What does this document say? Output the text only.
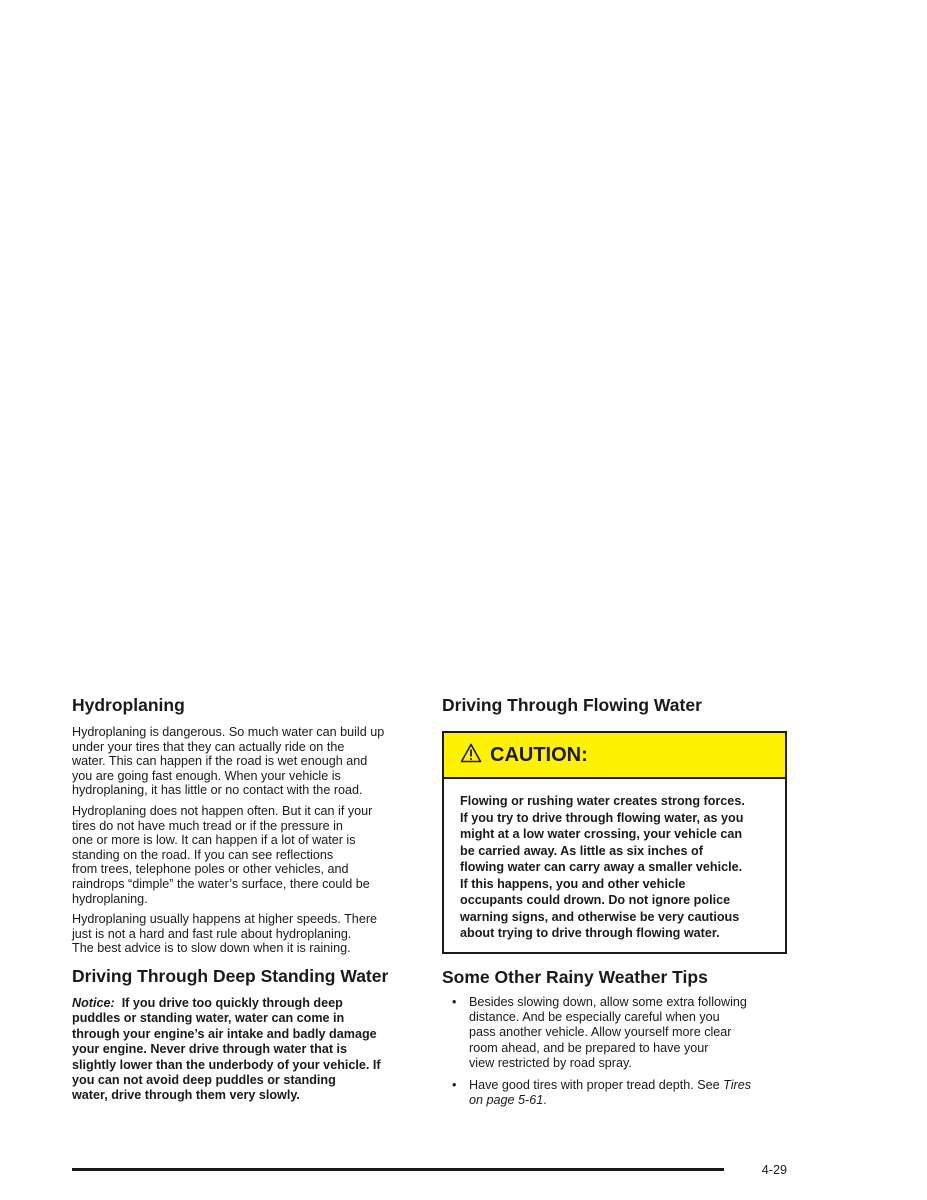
Hydroplaning

Hydroplaning is dangerous. So much water can build up
under your tires that they can actually ride on the
water. This can happen if the road is wet enough and
you are going fast enough. When your vehicle is
hydroplaning, it has little or no contact with the road.

Hydroplaning does not happen often. But it can if your
tires do not have much tread or if the pressure in
one or more is low. It can happen if a lot of water is
standing on the road. If you can see reflections
from trees, telephone poles or other vehicles, and
raindrops “dimple” the water’s surface, there could be
hydroplaning.

Hydroplaning usually happens at higher speeds. There
just is not a hard and fast rule about hydroplaning.
The best advice is to slow down when it is raining.

Driving Through Deep Standing Water

Notice: If you drive too quickly through deep
puddles or standing water, water can come in
through your engine’s air intake and badly damage
your engine. Never drive through water that is
slightly lower than the underbody of your vehicle. If
you can not avoid deep puddles or standing
water, drive through them very slowly.

Driving Through Flowing Water
CAUTION:
Flowing or rushing water creates strong forces.
If you try to drive through flowing water, as you
might at a low water crossing, your vehicle can
be carried away. As little as six inches of
flowing water can carry away a smaller vehicle.
If this happens, you and other vehicle
occupants could drown. Do not ignore police
warning signs, and otherwise be very cautious
about trying to drive through flowing water.
Some Other Rainy Weather Tips
• Besides slowing down, allow some extra following
distance. And be especially careful when you
pass another vehicle. Allow yourself more clear
room ahead, and be prepared to have your
view restricted by road spray.
• Have good tires with proper tread depth. See Tires
on page 5-61.
4-29
